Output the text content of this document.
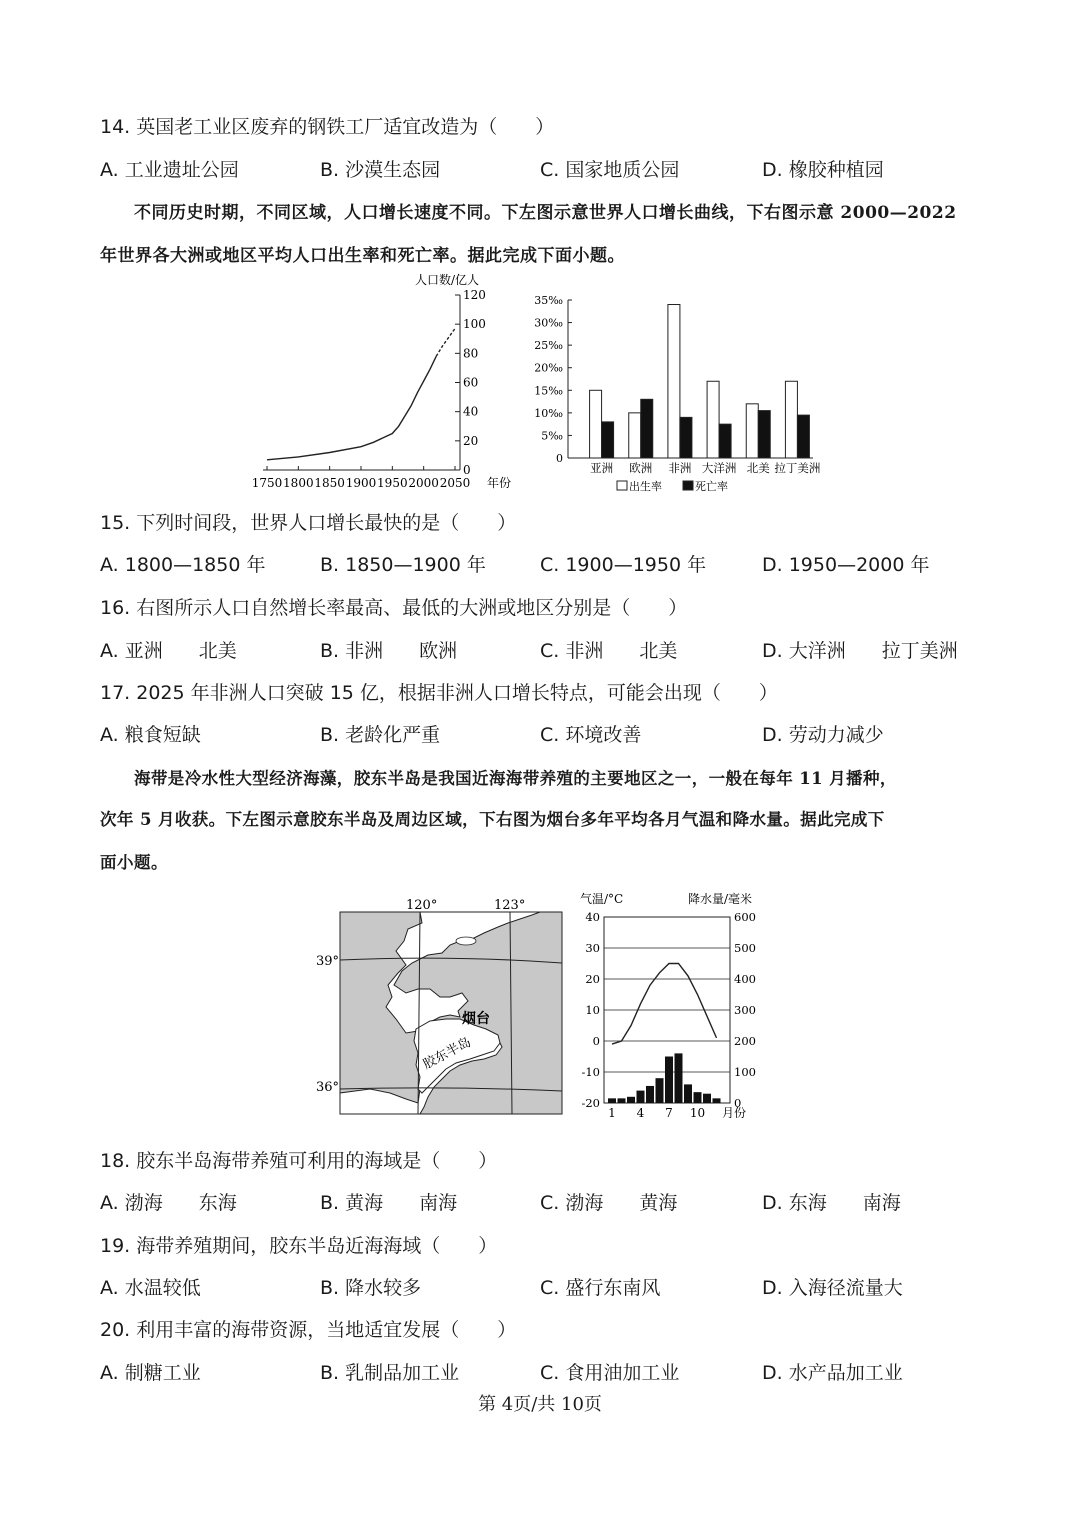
14. 英国老工业区废弃的钢铁工厂适宜改造为（　　）
A. 工业遗址公园	B. 沙漠生态园	C. 国家地质公园	D. 橡胶种植园
不同历史时期，不同区域，人口增长速度不同。下左图示意世界人口增长曲线，下右图示意 2000—2022
年世界各大洲或地区平均人口出生率和死亡率。据此完成下面小题。
人口数/亿人
0
20
40
60
80
100
120
1750 1800 1850 1900 1950 2000 2050 年份
0
5‰
10‰
15‰
20‰
25‰
30‰
35‰
亚洲 欧洲 非洲 大洋洲 北美 拉丁美洲
出生率	死亡率
15. 下列时间段，世界人口增长最快的是（　　）
A. 1800—1850 年	B. 1850—1900 年	C. 1900—1950 年	D. 1950—2000 年
16. 右图所示人口自然增长率最高、最低的大洲或地区分别是（　　）
A. 亚洲 北美	B. 非洲 欧洲	C. 非洲 北美	D. 大洋洲 拉丁美洲
17. 2025 年非洲人口突破 15 亿，根据非洲人口增长特点，可能会出现（　　）
A. 粮食短缺	B. 老龄化严重	C. 环境改善	D. 劳动力减少
海带是冷水性大型经济海藻，胶东半岛是我国近海海带养殖的主要地区之一，一般在每年 11 月播种，
次年 5 月收获。下左图示意胶东半岛及周边区域，下右图为烟台多年平均各月气温和降水量。据此完成下
面小题。
120°	123°
39°
36°
烟台
胶东半岛
气温/°C	降水量/毫米
-20
-10
0
10
20
30
40
0
100
200
300
400
500
600
1 4 7 10 月份
18. 胶东半岛海带养殖可利用的海域是（　　）
A. 渤海 东海	B. 黄海 南海	C. 渤海 黄海	D. 东海 南海
19. 海带养殖期间，胶东半岛近海海域（　　）
A. 水温较低	B. 降水较多	C. 盛行东南风	D. 入海径流量大
20. 利用丰富的海带资源，当地适宜发展（　　）
A. 制糖工业	B. 乳制品加工业	C. 食用油加工业	D. 水产品加工业
第 4页/共 10页
